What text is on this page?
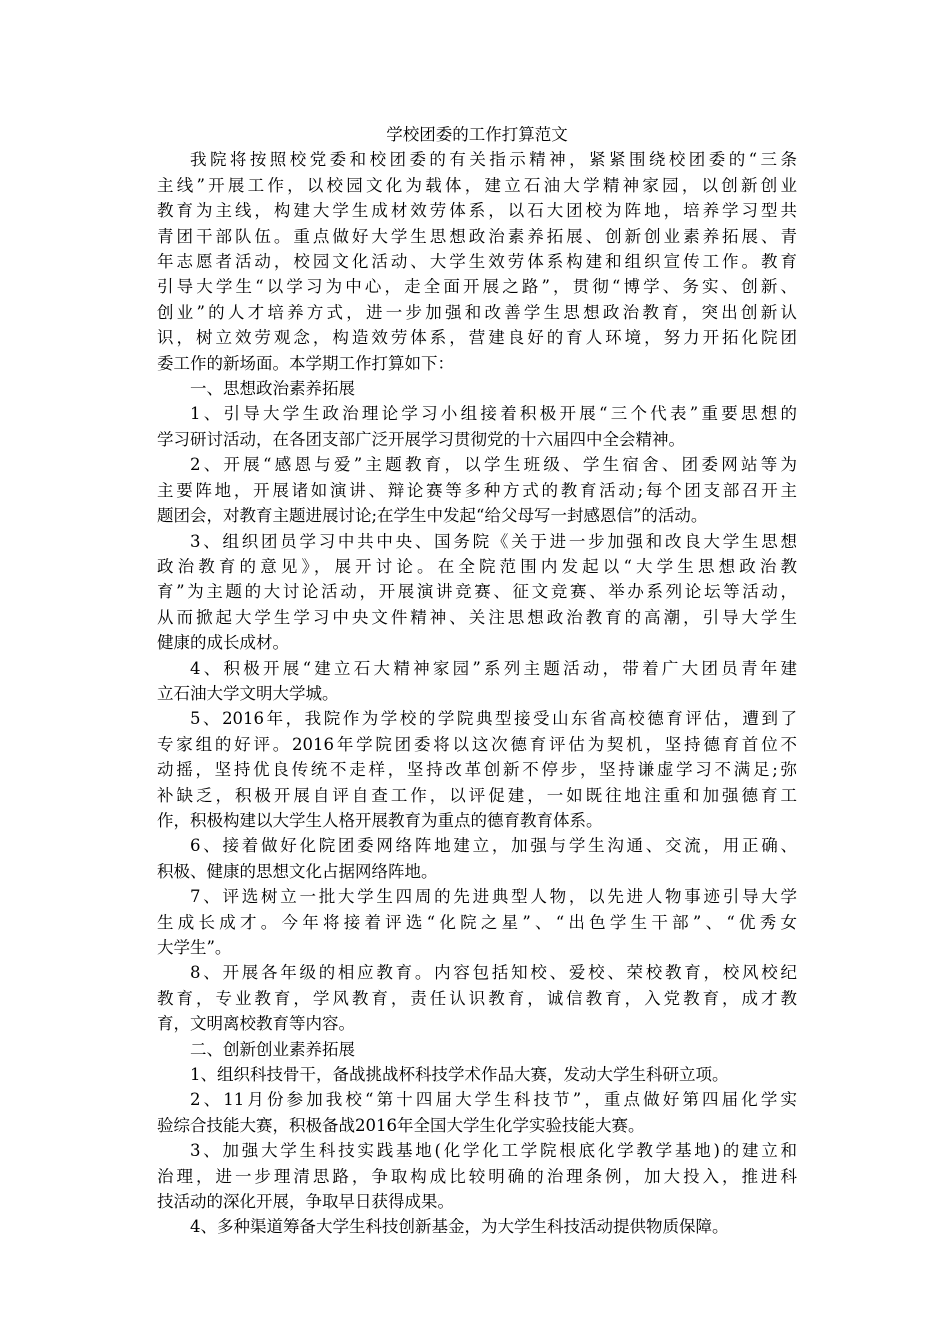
学校团委的工作打算范文
我院将按照校党委和校团委的有关指示精神，紧紧围绕校团委的“三条
主线”开展工作，以校园文化为载体，建立石油大学精神家园，以创新创业
教育为主线，构建大学生成材效劳体系，以石大团校为阵地，培养学习型共
青团干部队伍。重点做好大学生思想政治素养拓展、创新创业素养拓展、青
年志愿者活动，校园文化活动、大学生效劳体系构建和组织宣传工作。教育
引导大学生“以学习为中心，走全面开展之路”，贯彻“博学、务实、创新、
创业”的人才培养方式，进一步加强和改善学生思想政治教育，突出创新认
识，树立效劳观念，构造效劳体系，营建良好的育人环境，努力开拓化院团
委工作的新场面。本学期工作打算如下：
一、思想政治素养拓展
1、引导大学生政治理论学习小组接着积极开展“三个代表”重要思想的
学习研讨活动，在各团支部广泛开展学习贯彻党的十六届四中全会精神。
2、开展“感恩与爱”主题教育，以学生班级、学生宿舍、团委网站等为
主要阵地，开展诸如演讲、辩论赛等多种方式的教育活动;每个团支部召开主
题团会，对教育主题进展讨论;在学生中发起“给父母写一封感恩信”的活动。
3、组织团员学习中共中央、国务院《关于进一步加强和改良大学生思想
政治教育的意见》，展开讨论。在全院范围内发起以“大学生思想政治教
育”为主题的大讨论活动，开展演讲竞赛、征文竞赛、举办系列论坛等活动，
从而掀起大学生学习中央文件精神、关注思想政治教育的高潮，引导大学生
健康的成长成材。
4、积极开展“建立石大精神家园”系列主题活动，带着广大团员青年建
立石油大学文明大学城。
5、2016年，我院作为学校的学院典型接受山东省高校德育评估，遭到了
专家组的好评。2016年学院团委将以这次德育评估为契机，坚持德育首位不
动摇，坚持优良传统不走样，坚持改革创新不停步，坚持谦虚学习不满足;弥
补缺乏，积极开展自评自查工作，以评促建，一如既往地注重和加强德育工
作，积极构建以大学生人格开展教育为重点的德育教育体系。
6、接着做好化院团委网络阵地建立，加强与学生沟通、交流，用正确、
积极、健康的思想文化占据网络阵地。
7、评选树立一批大学生四周的先进典型人物，以先进人物事迹引导大学
生成长成才。今年将接着评选“化院之星”、“出色学生干部”、“优秀女
大学生”。
8、开展各年级的相应教育。内容包括知校、爱校、荣校教育，校风校纪
教育，专业教育，学风教育，责任认识教育，诚信教育，入党教育，成才教
育，文明离校教育等内容。
二、创新创业素养拓展
1、组织科技骨干，备战挑战杯科技学术作品大赛，发动大学生科研立项。
2、11月份参加我校“第十四届大学生科技节”，重点做好第四届化学实
验综合技能大赛，积极备战2016年全国大学生化学实验技能大赛。
3、加强大学生科技实践基地(化学化工学院根底化学教学基地)的建立和
治理，进一步理清思路，争取构成比较明确的治理条例，加大投入，推进科
技活动的深化开展，争取早日获得成果。
4、多种渠道筹备大学生科技创新基金，为大学生科技活动提供物质保障。
